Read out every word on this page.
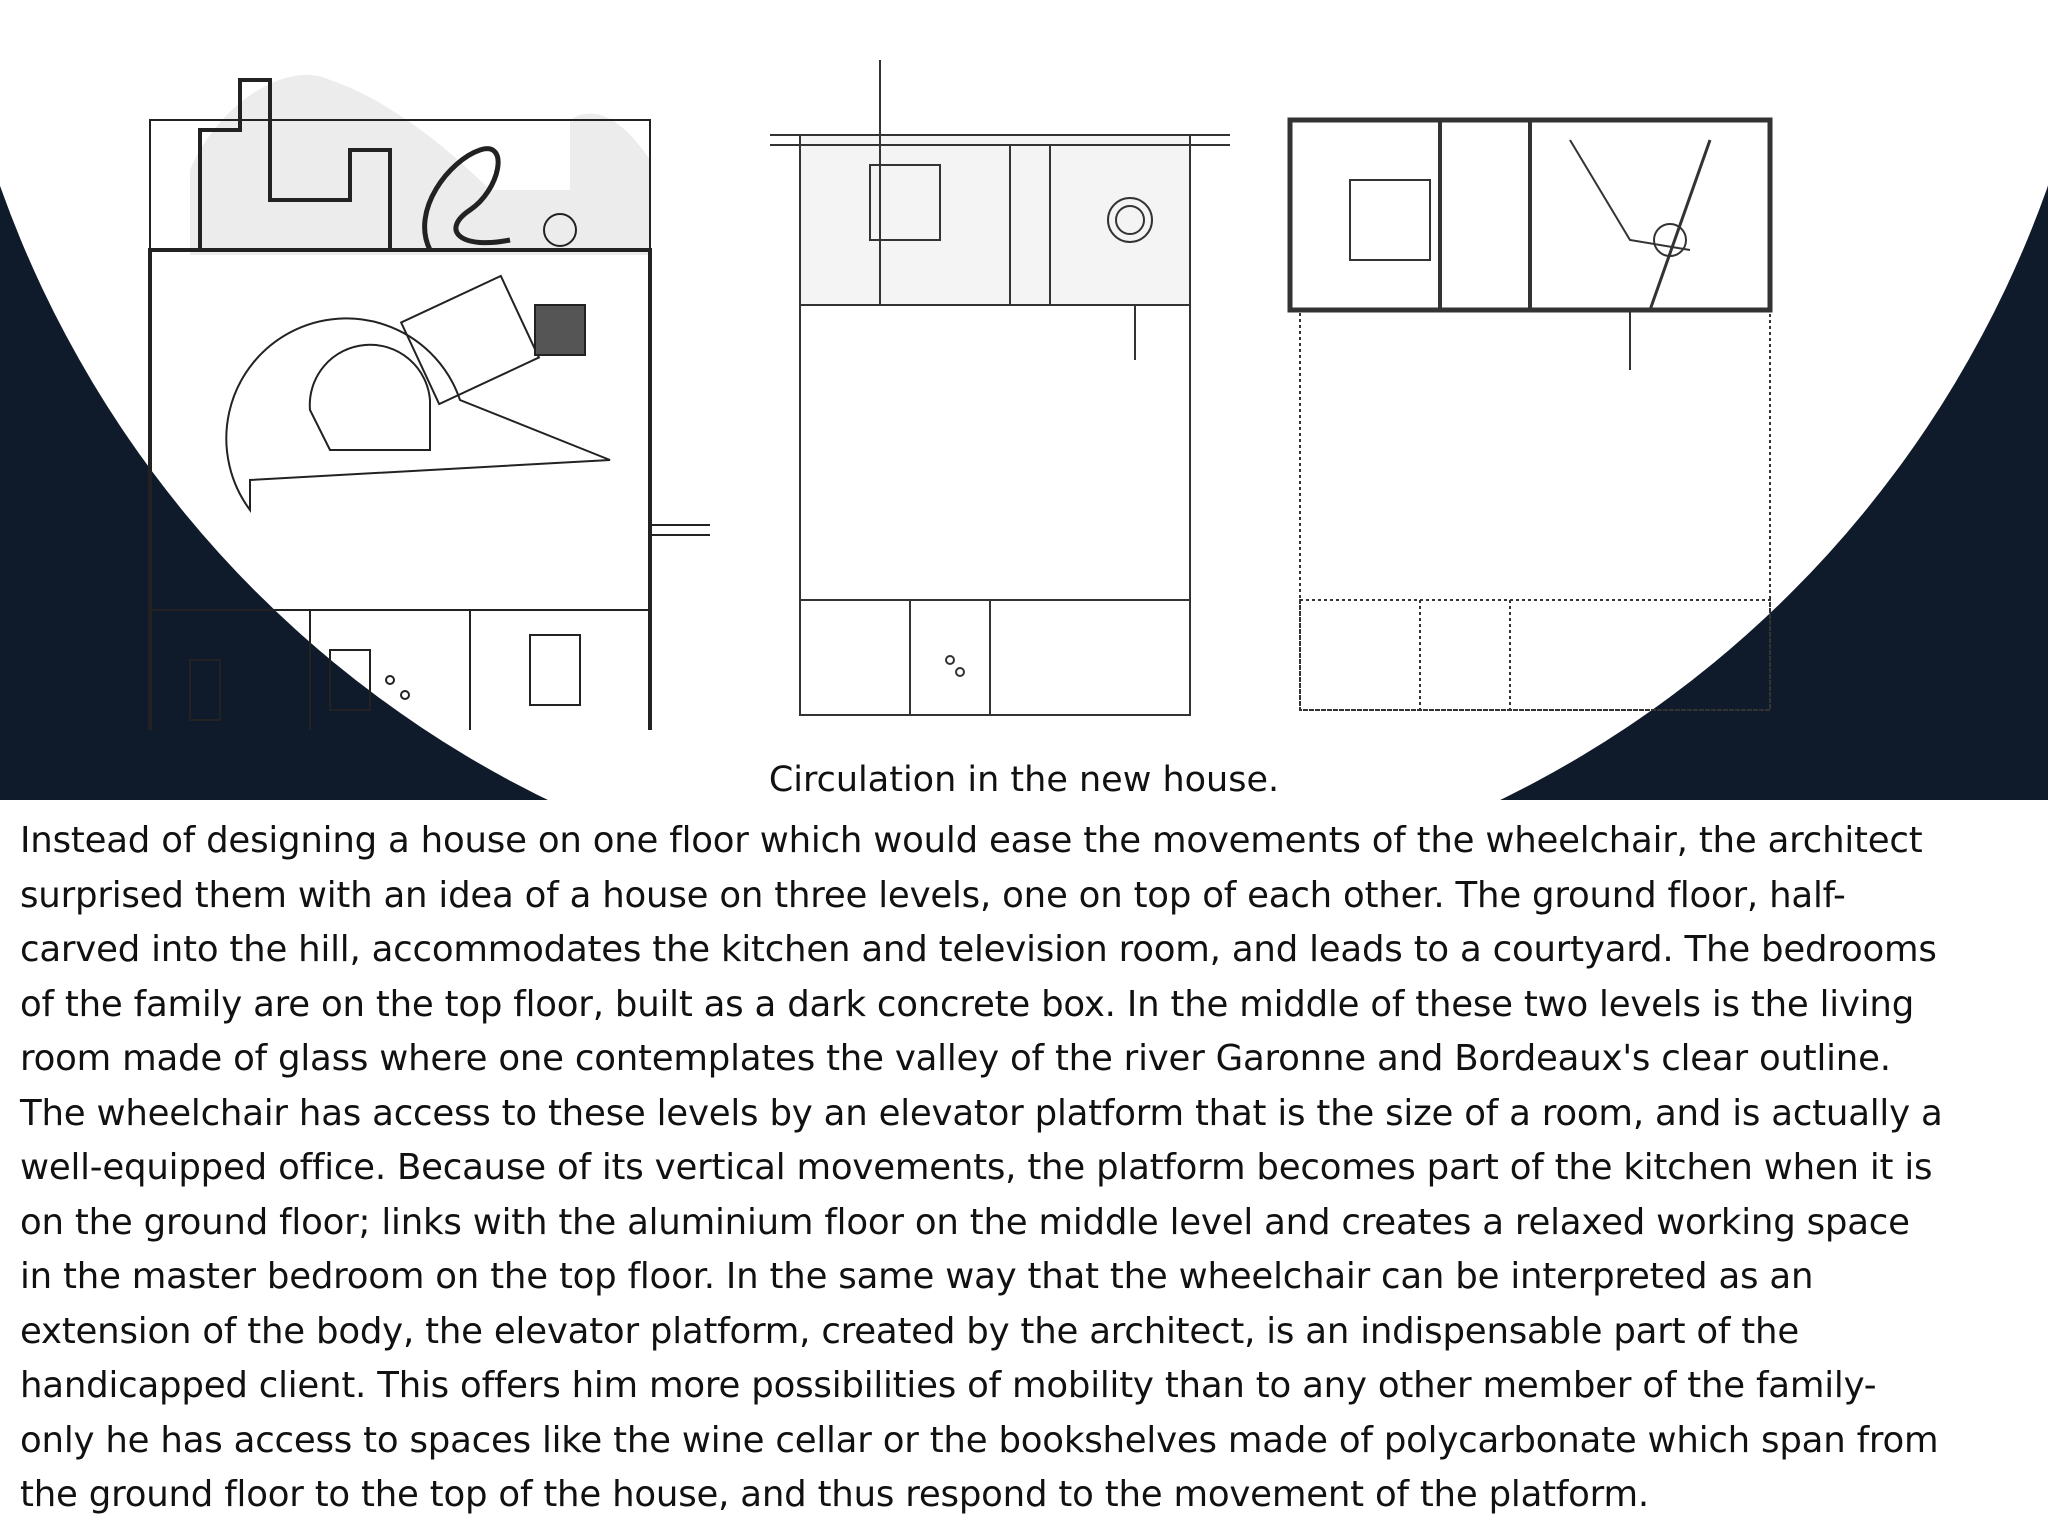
Circulation in the new house.
Instead of designing a house on one floor which would ease the movements of the wheelchair, the architect
surprised them with an idea of a house on three levels, one on top of each other. The ground floor, half-
carved into the hill, accommodates the kitchen and television room, and leads to a courtyard. The bedrooms
of the family are on the top floor, built as a dark concrete box. In the middle of these two levels is the living
room made of glass where one contemplates the valley of the river Garonne and Bordeaux's clear outline.
The wheelchair has access to these levels by an elevator platform that is the size of a room, and is actually a
well-equipped office. Because of its vertical movements, the platform becomes part of the kitchen when it is
on the ground floor; links with the aluminium floor on the middle level and creates a relaxed working space
in the master bedroom on the top floor. In the same way that the wheelchair can be interpreted as an
extension of the body, the elevator platform, created by the architect, is an indispensable part of the
handicapped client. This offers him more possibilities of mobility than to any other member of the family-
only he has access to spaces like the wine cellar or the bookshelves made of polycarbonate which span from
the ground floor to the top of the house, and thus respond to the movement of the platform.
